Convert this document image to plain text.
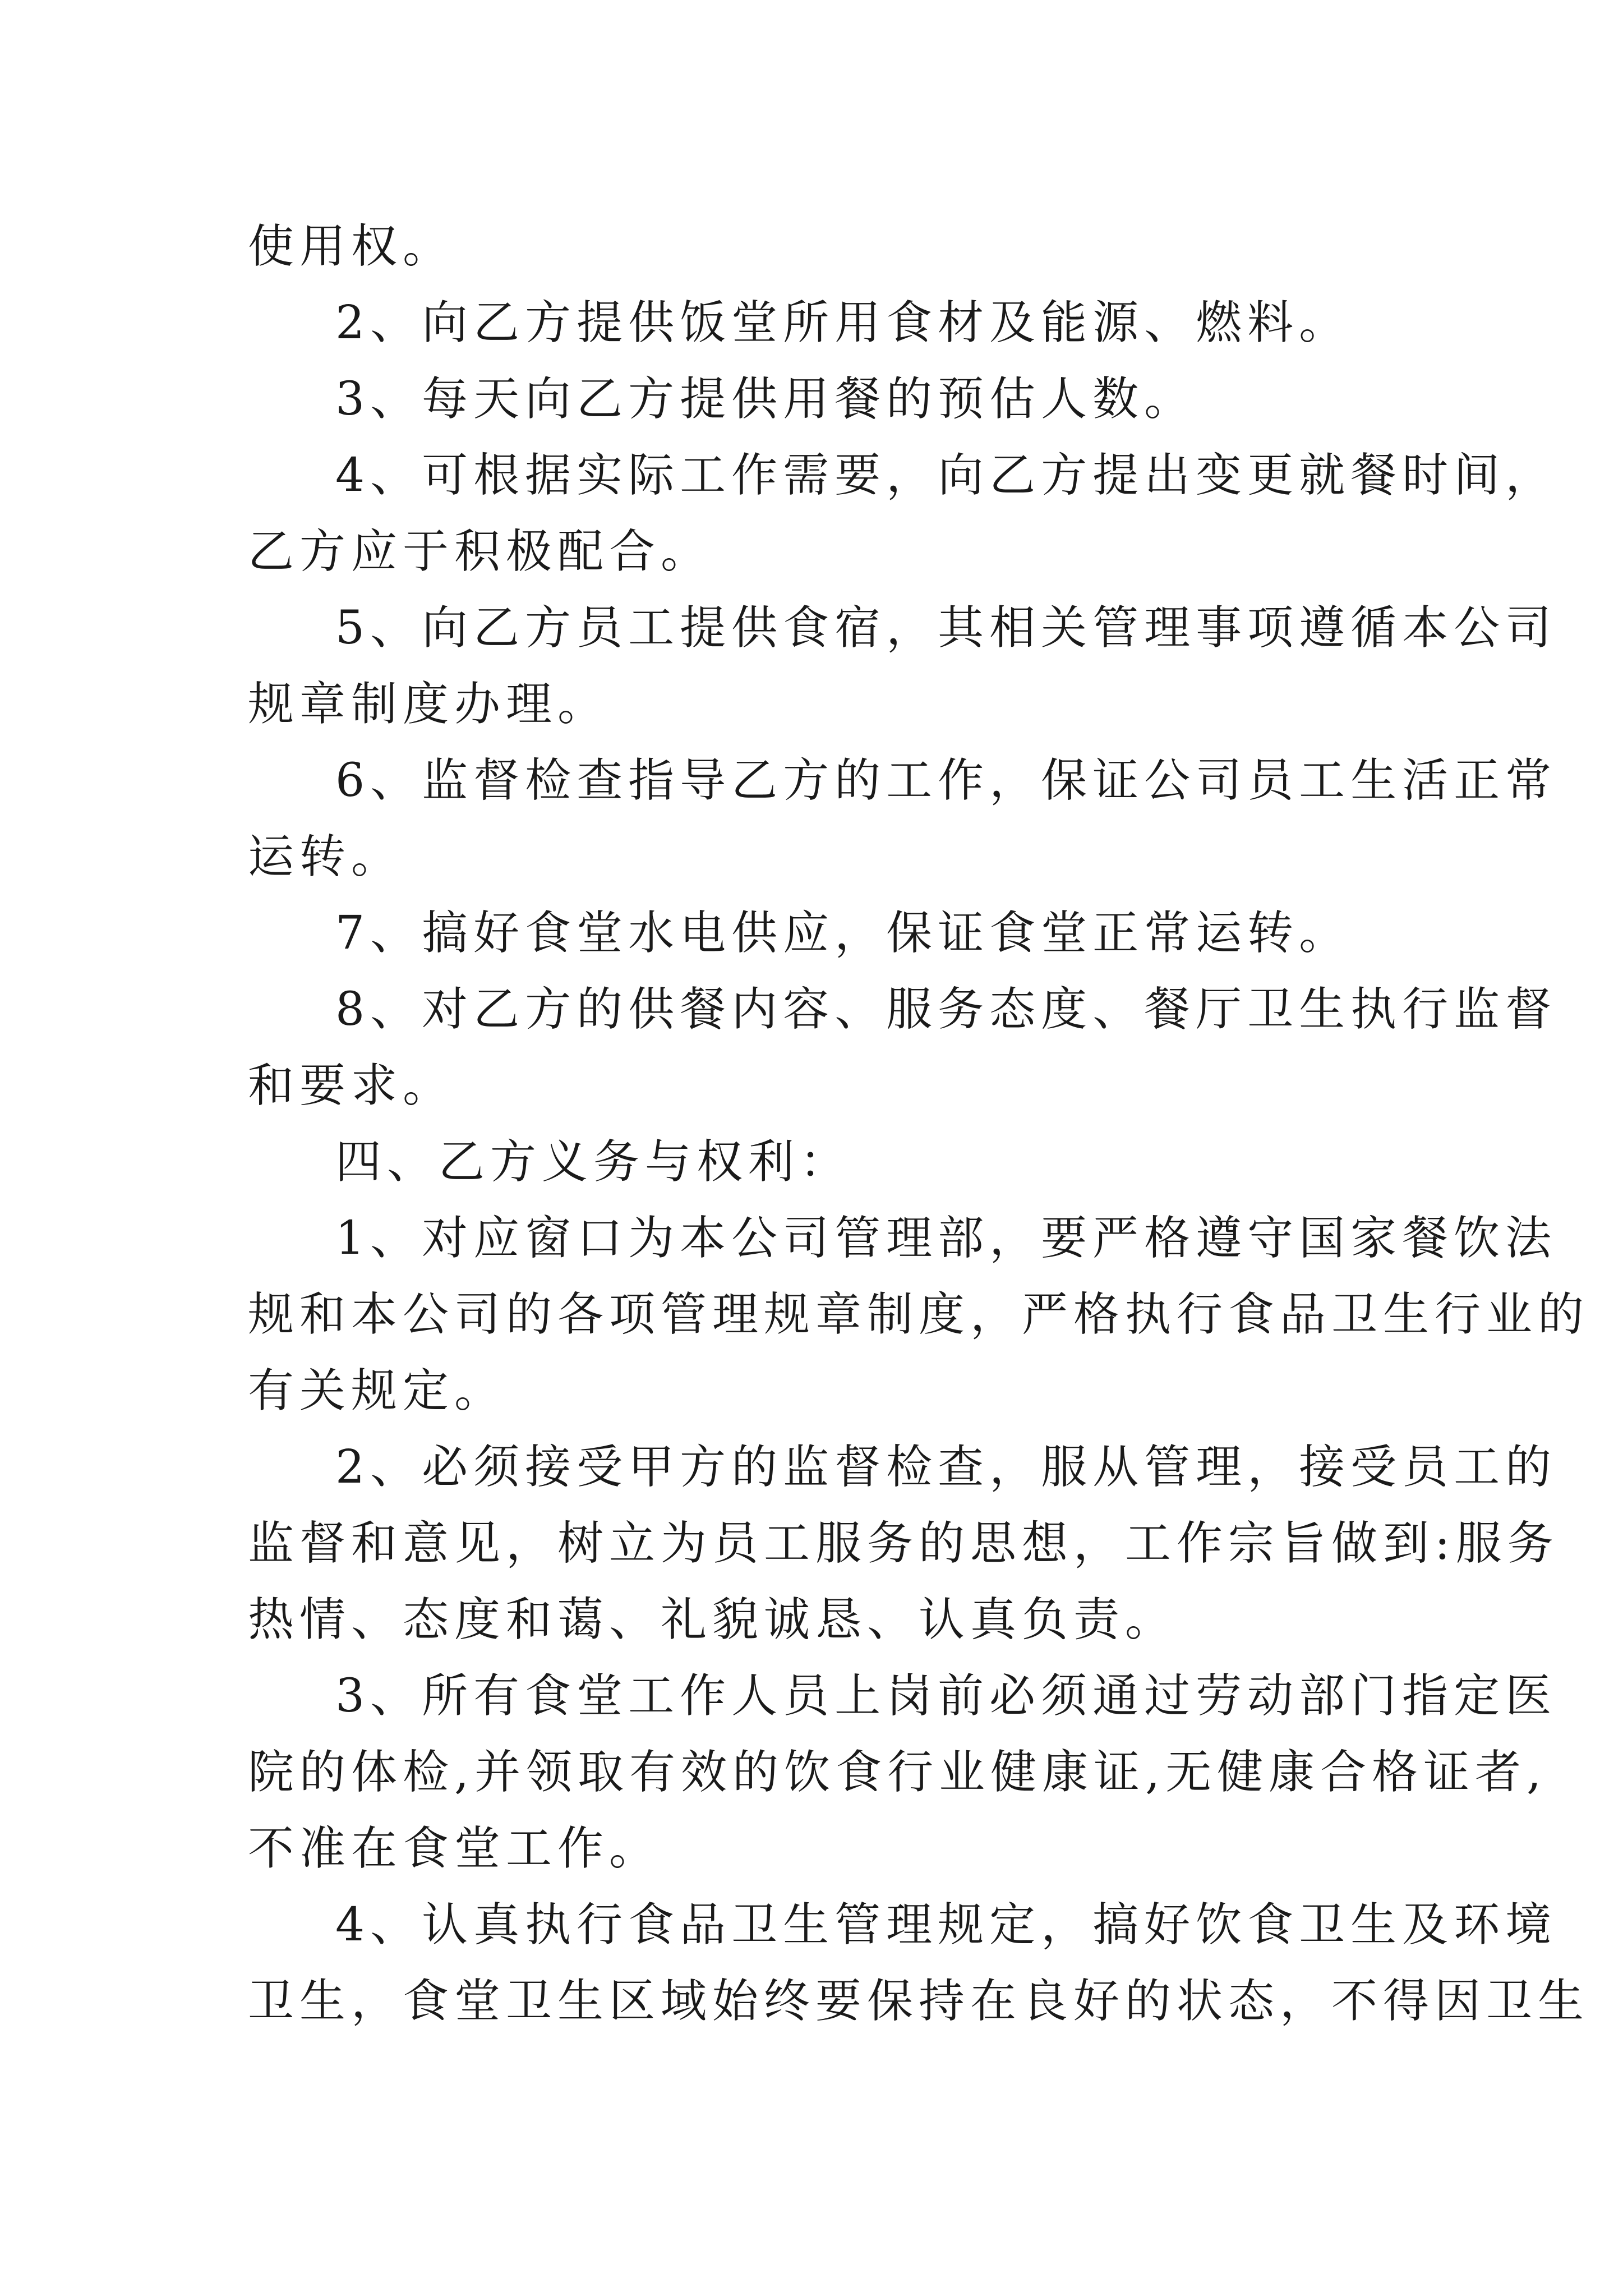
使用权。
2、向乙方提供饭堂所用食材及能源、燃料。
3、每天向乙方提供用餐的预估人数。
4、可根据实际工作需要，向乙方提出变更就餐时间，
乙方应于积极配合。
5、向乙方员工提供食宿，其相关管理事项遵循本公司
规章制度办理。
6、监督检查指导乙方的工作，保证公司员工生活正常
运转。
7、搞好食堂水电供应，保证食堂正常运转。
8、对乙方的供餐内容、服务态度、餐厅卫生执行监督
和要求。
四、乙方义务与权利：
1、对应窗口为本公司管理部，要严格遵守国家餐饮法
规和本公司的各项管理规章制度，严格执行食品卫生行业的
有关规定。
2、必须接受甲方的监督检查，服从管理，接受员工的
监督和意见，树立为员工服务的思想，工作宗旨做到:服务
热情、态度和蔼、礼貌诚恳、认真负责。
3、所有食堂工作人员上岗前必须通过劳动部门指定医
院的体检,并领取有效的饮食行业健康证,无健康合格证者,
不准在食堂工作。
4、认真执行食品卫生管理规定，搞好饮食卫生及环境
卫生，食堂卫生区域始终要保持在良好的状态，不得因卫生
